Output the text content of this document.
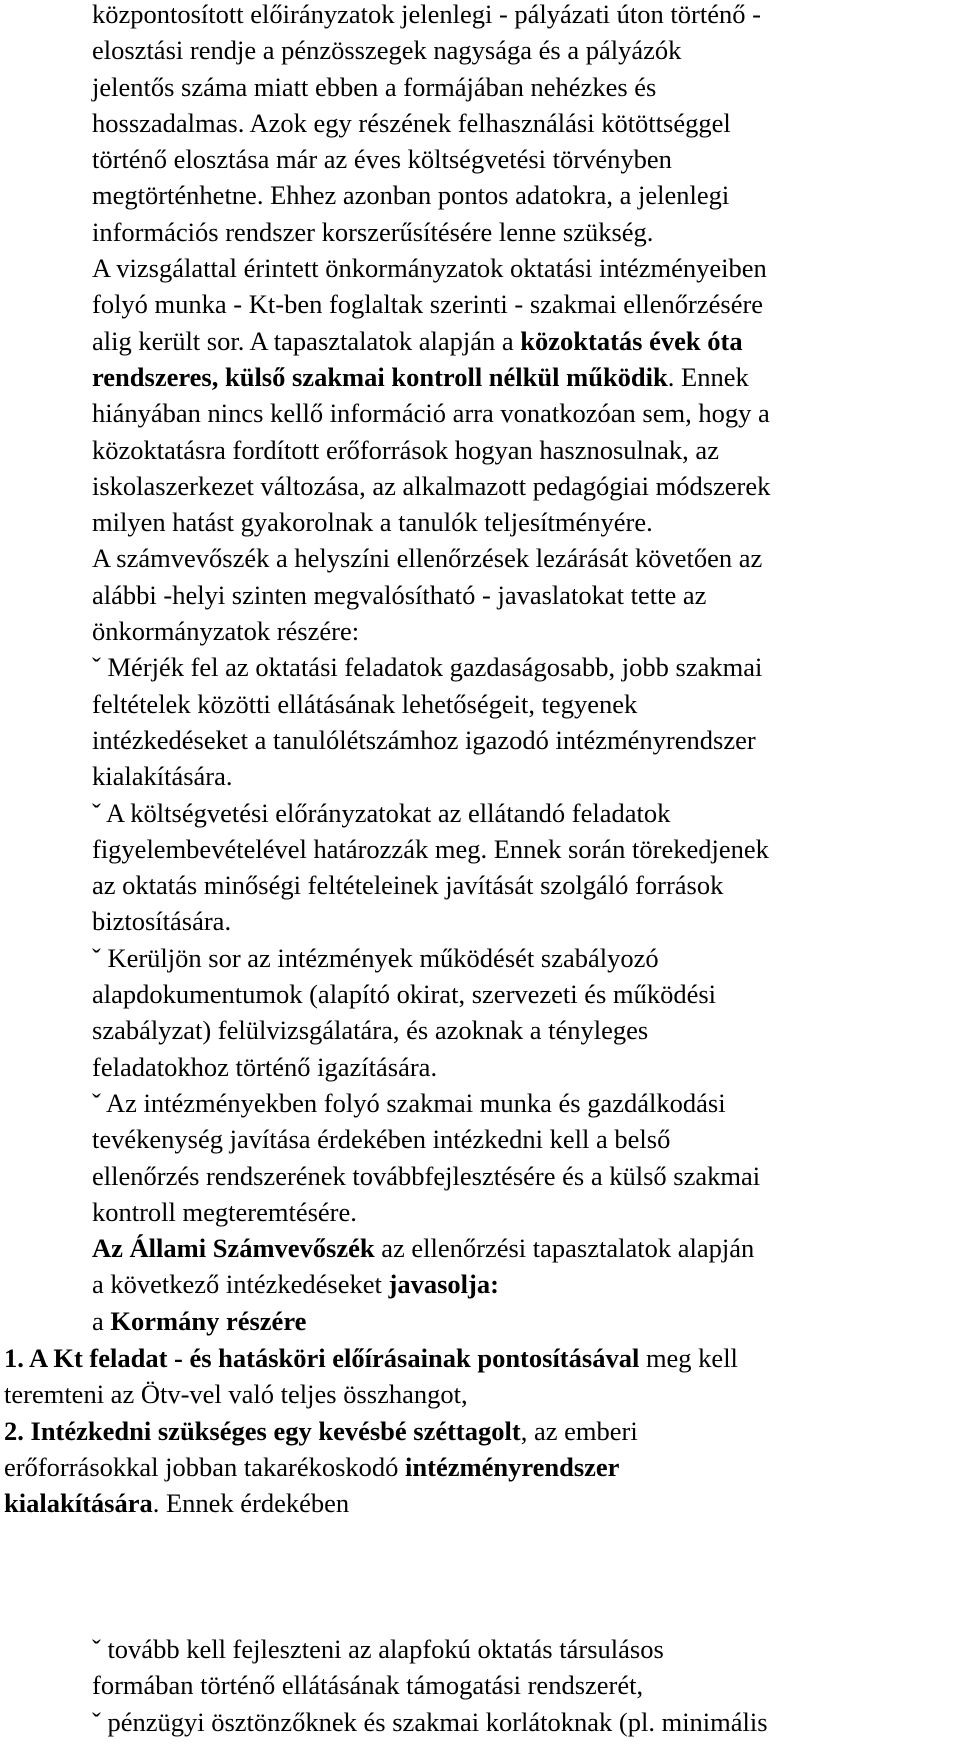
központosított előirányzatok jelenlegi - pályázati úton történő -
elosztási rendje a pénzösszegek nagysága és a pályázók
jelentős száma miatt ebben a formájában nehézkes és
hosszadalmas. Azok egy részének felhasználási kötöttséggel
történő elosztása már az éves költségvetési törvényben
megtörténhetne. Ehhez azonban pontos adatokra, a jelenlegi
információs rendszer korszerűsítésére lenne szükség.
A vizsgálattal érintett önkormányzatok oktatási intézményeiben
folyó munka - Kt-ben foglaltak szerinti - szakmai ellenőrzésére
alig került sor. A tapasztalatok alapján a közoktatás évek óta
rendszeres, külső szakmai kontroll nélkül működik. Ennek
hiányában nincs kellő információ arra vonatkozóan sem, hogy a
közoktatásra fordított erőforrások hogyan hasznosulnak, az
iskolaszerkezet változása, az alkalmazott pedagógiai módszerek
milyen hatást gyakorolnak a tanulók teljesítményére.
A számvevőszék a helyszíni ellenőrzések lezárását követően az
alábbi -helyi szinten megvalósítható - javaslatokat tette az
önkormányzatok részére:
ˇ Mérjék fel az oktatási feladatok gazdaságosabb, jobb szakmai
feltételek közötti ellátásának lehetőségeit, tegyenek
intézkedéseket a tanulólétszámhoz igazodó intézményrendszer
kialakítására.
ˇ A költségvetési előrányzatokat az ellátandó feladatok
figyelembevételével határozzák meg. Ennek során törekedjenek
az oktatás minőségi feltételeinek javítását szolgáló források
biztosítására.
ˇ Kerüljön sor az intézmények működését szabályozó
alapdokumentumok (alapító okirat, szervezeti és működési
szabályzat) felülvizsgálatára, és azoknak a tényleges
feladatokhoz történő igazítására.
ˇ Az intézményekben folyó szakmai munka és gazdálkodási
tevékenység javítása érdekében intézkedni kell a belső
ellenőrzés rendszerének továbbfejlesztésére és a külső szakmai
kontroll megteremtésére.
Az Állami Számvevőszék az ellenőrzési tapasztalatok alapján
a következő intézkedéseket javasolja:
a Kormány részére
1. A Kt feladat - és hatásköri előírásainak pontosításával meg kell
teremteni az Ötv-vel való teljes összhangot,
2. Intézkedni szükséges egy kevésbé széttagolt, az emberi
erőforrásokkal jobban takarékoskodó intézményrendszer
kialakítására. Ennek érdekében
ˇ tovább kell fejleszteni az alapfokú oktatás társulásos
formában történő ellátásának támogatási rendszerét,
ˇ pénzügyi ösztönzőknek és szakmai korlátoknak (pl. minimális
